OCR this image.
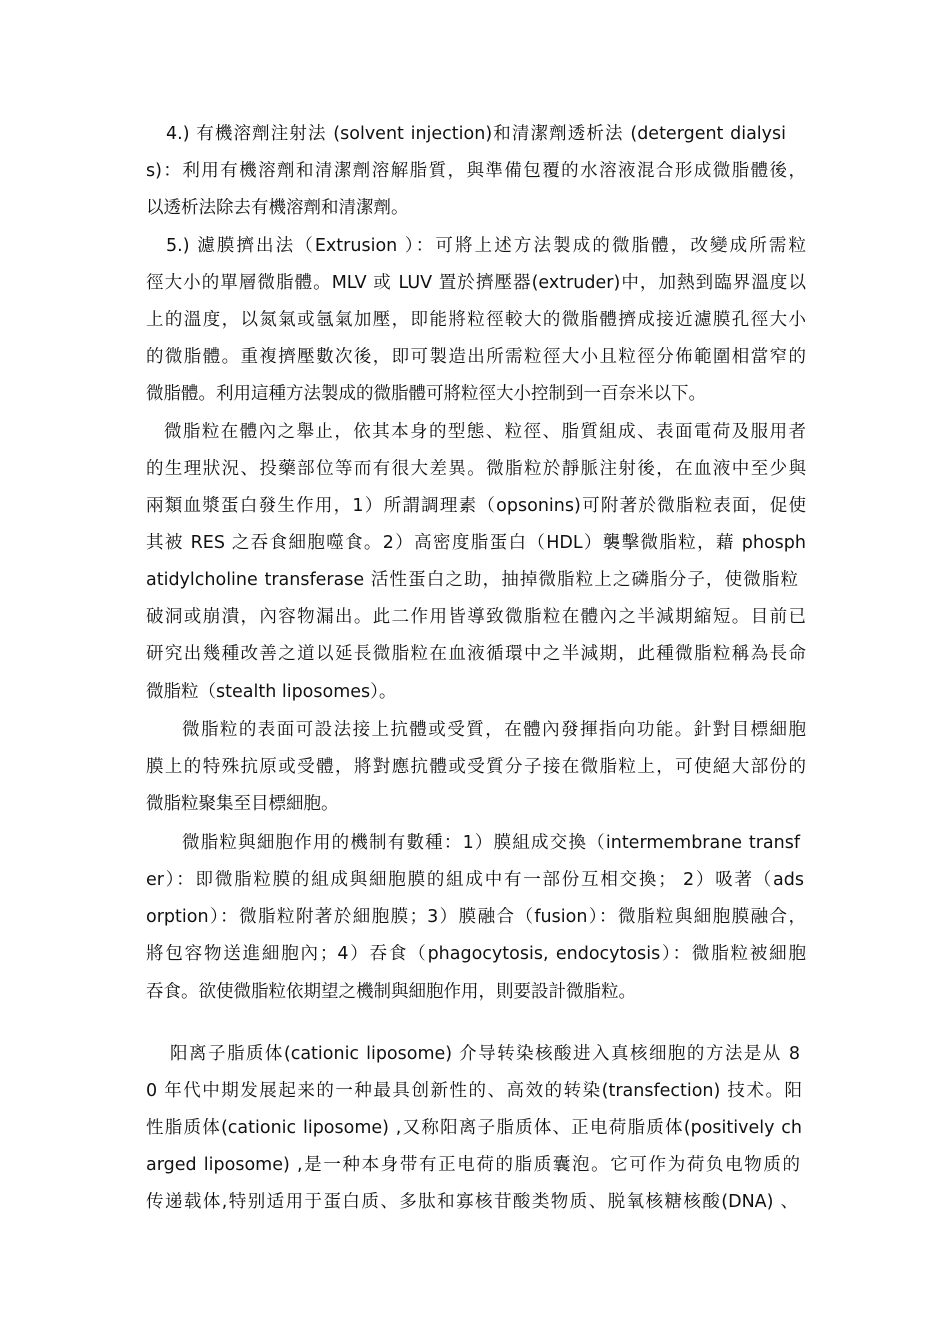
4.) 有機溶劑注射法 (solvent injection)和清潔劑透析法 (detergent dialysi

s)：利用有機溶劑和清潔劑溶解脂質，與準備包覆的水溶液混合形成微脂體後，

以透析法除去有機溶劑和清潔劑。

5.) 濾膜擠出法（Extrusion ）：可將上述方法製成的微脂體，改變成所需粒

徑大小的單層微脂體。MLV 或 LUV 置於擠壓器(extruder)中，加熱到臨界溫度以

上的溫度，以氮氣或氬氣加壓，即能將粒徑較大的微脂體擠成接近濾膜孔徑大小

的微脂體。重複擠壓數次後，即可製造出所需粒徑大小且粒徑分佈範圍相當窄的

微脂體。利用這種方法製成的微脂體可將粒徑大小控制到一百奈米以下。

微脂粒在體內之舉止，依其本身的型態、粒徑、脂質組成、表面電荷及服用者

的生理狀況、投藥部位等而有很大差異。微脂粒於靜脈注射後，在血液中至少與

兩類血漿蛋白發生作用，1）所謂調理素（opsonins)可附著於微脂粒表面，促使

其被 RES 之吞食細胞噬食。2）高密度脂蛋白（HDL）襲擊微脂粒，藉 phosph

atidylcholine transferase 活性蛋白之助，抽掉微脂粒上之磷脂分子，使微脂粒

破洞或崩潰，內容物漏出。此二作用皆導致微脂粒在體內之半減期縮短。目前已

研究出幾種改善之道以延長微脂粒在血液循環中之半減期，此種微脂粒稱為長命

微脂粒（stealth liposomes）。

微脂粒的表面可設法接上抗體或受質，在體內發揮指向功能。針對目標細胞

膜上的特殊抗原或受體，將對應抗體或受質分子接在微脂粒上，可使絕大部份的

微脂粒聚集至目標細胞。

微脂粒與細胞作用的機制有數種：1）膜組成交換（intermembrane transf

er）：即微脂粒膜的組成與細胞膜的組成中有一部份互相交換； 2）吸著（ads

orption）：微脂粒附著於細胞膜；3）膜融合（fusion）：微脂粒與細胞膜融合，

將包容物送進細胞內；4）吞食（phagocytosis, endocytosis）：微脂粒被細胞

吞食。欲使微脂粒依期望之機制與細胞作用，則要設計微脂粒。

阳离子脂质体(cationic liposome) 介导转染核酸进入真核细胞的方法是从 8

0 年代中期发展起来的一种最具创新性的、高效的转染(transfection) 技术。阳

性脂质体(cationic liposome) ,又称阳离子脂质体、正电荷脂质体(positively ch

arged liposome) ,是一种本身带有正电荷的脂质囊泡。它可作为荷负电物质的

传递载体,特别适用于蛋白质、多肽和寡核苷酸类物质、脱氧核糖核酸(DNA) 、
